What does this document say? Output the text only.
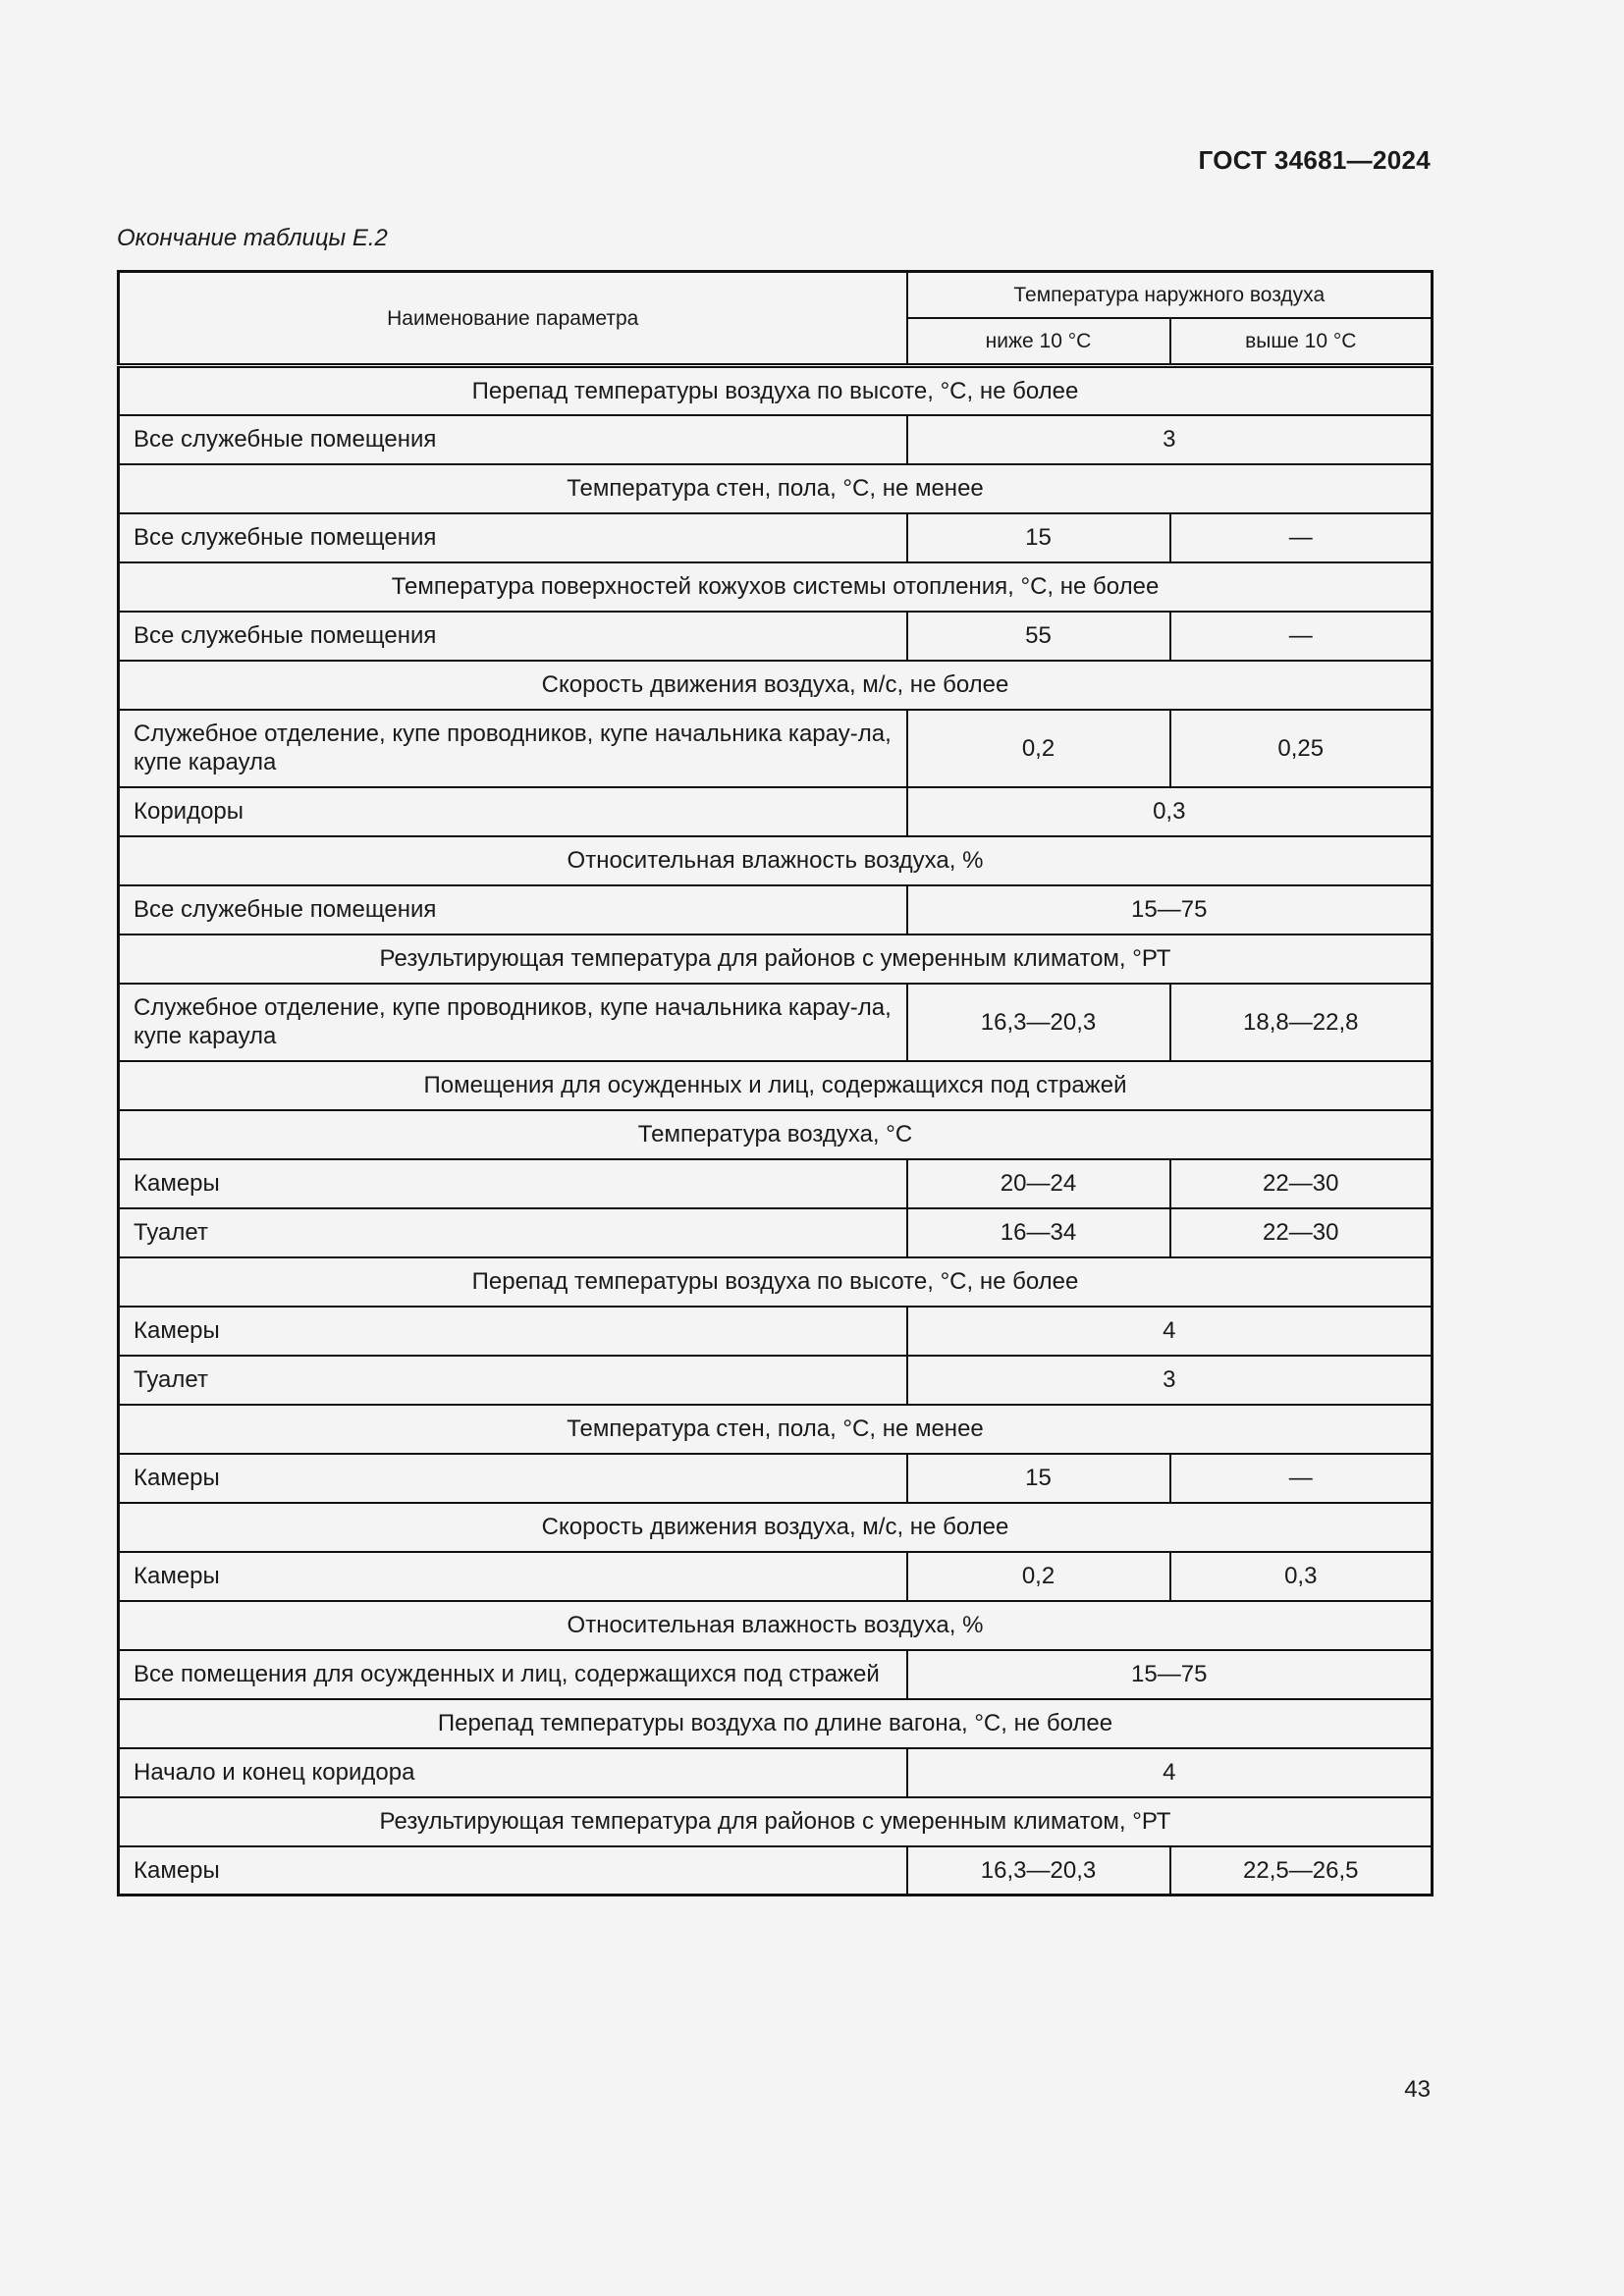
ГОСТ 34681—2024
Окончание таблицы Е.2
Наименование параметра	Температура наружного воздуха	
	ниже 10 °С	выше 10 °С
Перепад температуры воздуха по высоте, °С, не более		
Все служебные помещения	3	
Температура стен, пола, °С, не менее		
Все служебные помещения	15	—
Температура поверхностей кожухов системы отопления, °С, не более		
Все служебные помещения	55	—
Скорость движения воздуха, м/с, не более		
Служебное отделение, купе проводников, купе начальника карау-ла, купе караула	0,2	0,25
Коридоры	0,3	
Относительная влажность воздуха, %		
Все служебные помещения	15—75	
Результирующая температура для районов с умеренным климатом, °РТ		
Служебное отделение, купе проводников, купе начальника карау-ла, купе караула	16,3—20,3	18,8—22,8
Помещения для осужденных и лиц, содержащихся под стражей		
Температура воздуха, °С		
Камеры	20—24	22—30
Туалет	16—34	22—30
Перепад температуры воздуха по высоте, °С, не более		
Камеры	4	
Туалет	3	
Температура стен, пола, °С, не менее		
Камеры	15	—
Скорость движения воздуха, м/с, не более		
Камеры	0,2	0,3
Относительная влажность воздуха, %		
Все помещения для осужденных и лиц, содержащихся под стражей	15—75	
Перепад температуры воздуха по длине вагона, °С, не более		
Начало и конец коридора	4	
Результирующая температура для районов с умеренным климатом, °РТ		
Камеры	16,3—20,3	22,5—26,5
43
